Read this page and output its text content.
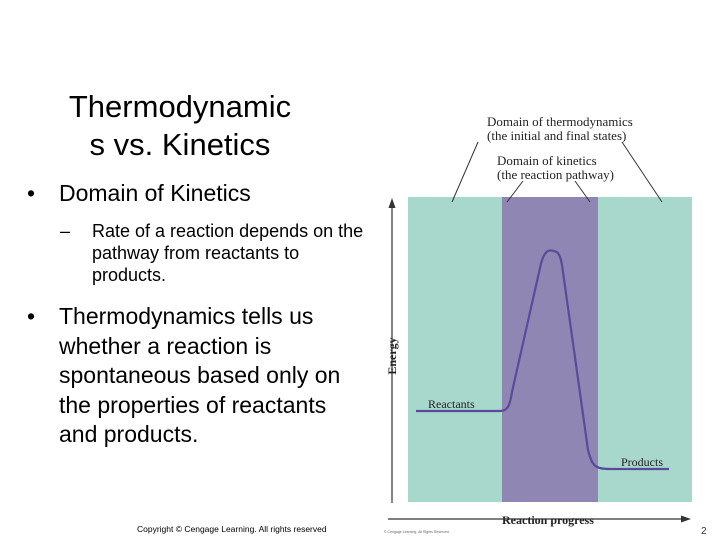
Thermodynamic
s vs. Kinetics
• Domain of Kinetics
– Rate of a reaction depends on the pathway from reactants to products.
• Thermodynamics tells us whether a reaction is spontaneous based only on the properties of reactants and products.
Domain of thermodynamics
(the initial and final states)
Domain of kinetics
(the reaction pathway)
Energy
Reaction progress
Reactants
Products
Copyright © Cengage Learning. All rights reserved	© Cengage Learning. All Rights Reserved.	2
